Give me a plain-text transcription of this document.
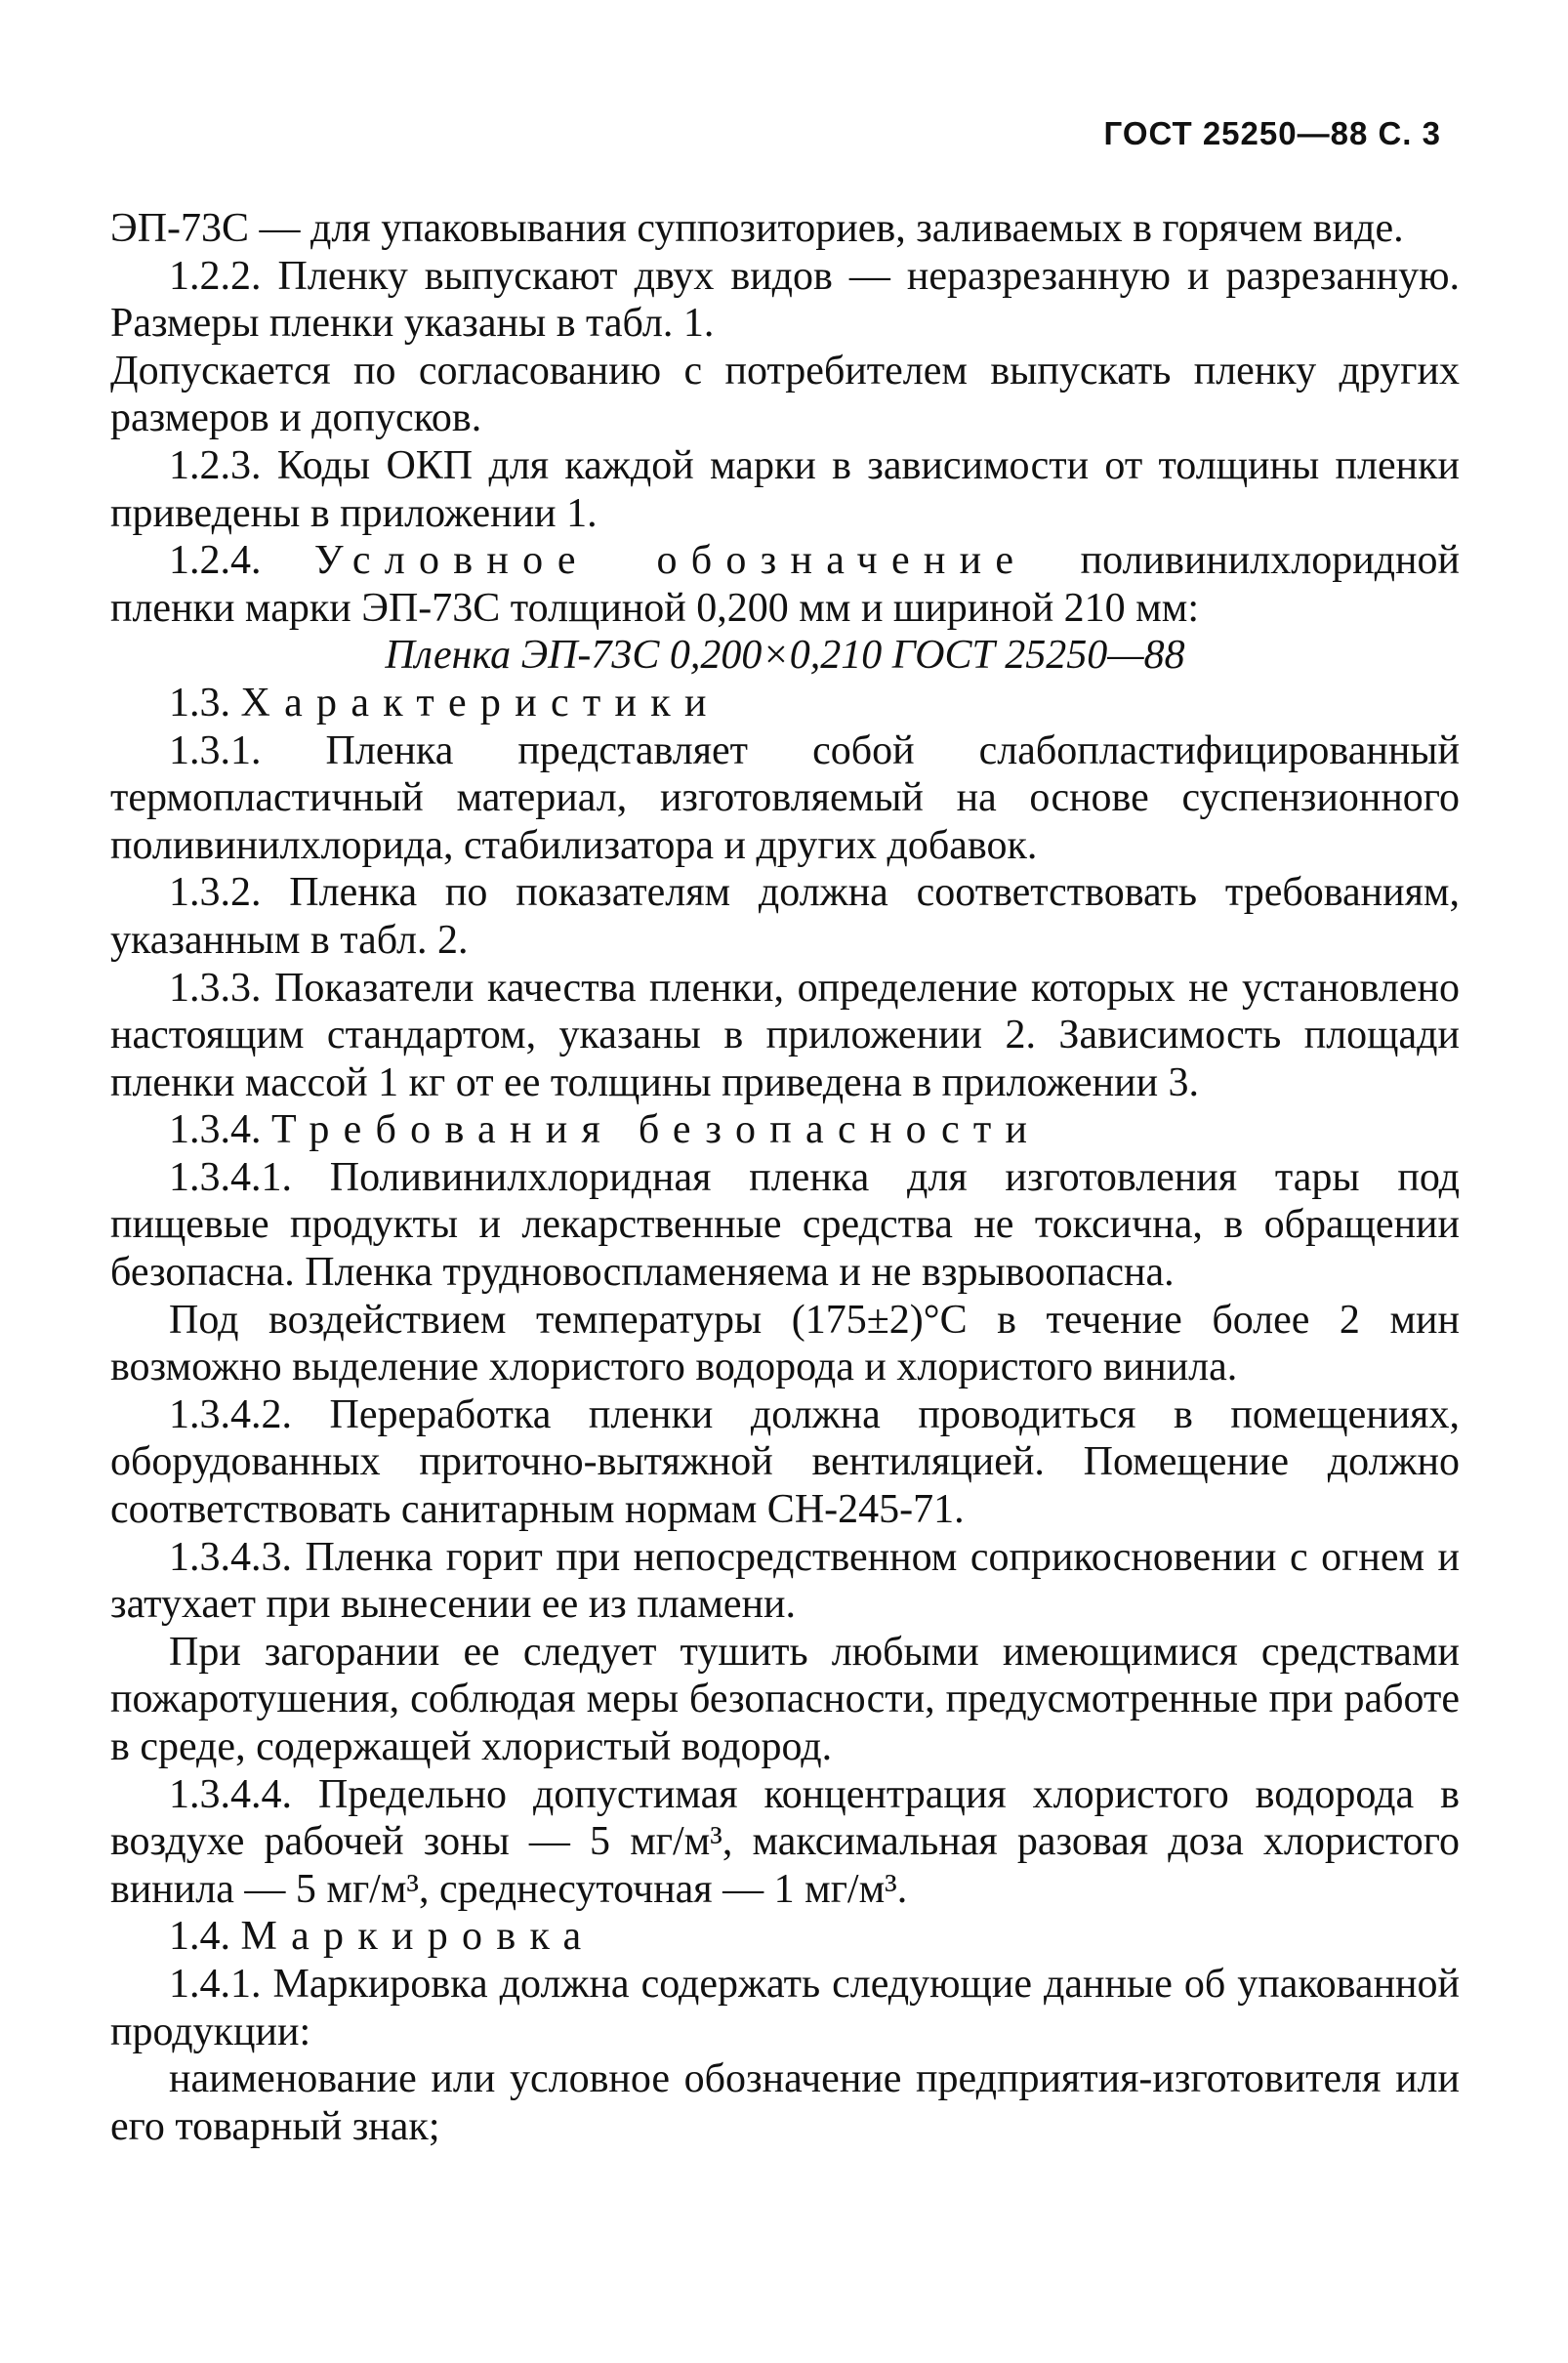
ГОСТ 25250—88 С. 3

ЭП-73С — для упаковывания суппозиториев, заливаемых в горячем виде.

1.2.2. Пленку выпускают двух видов — неразрезанную и разрезанную. Размеры пленки указаны в табл. 1.

Допускается по согласованию с потребителем выпускать пленку других размеров и допусков.

1.2.3. Коды ОКП для каждой марки в зависимости от толщины пленки приведены в приложении 1.

1.2.4. Условное обозначение поливинилхлоридной пленки марки ЭП-73С толщиной 0,200 мм и шириной 210 мм:

Пленка ЭП-73С 0,200×0,210 ГОСТ 25250—88

1.3. Характеристики

1.3.1. Пленка представляет собой слабопластифицированный термопластичный материал, изготовляемый на основе суспензионного поливинилхлорида, стабилизатора и других добавок.

1.3.2. Пленка по показателям должна соответствовать требованиям, указанным в табл. 2.

1.3.3. Показатели качества пленки, определение которых не установлено настоящим стандартом, указаны в приложении 2. Зависимость площади пленки массой 1 кг от ее толщины приведена в приложении 3.

1.3.4. Требования безопасности

1.3.4.1. Поливинилхлоридная пленка для изготовления тары под пищевые продукты и лекарственные средства не токсична, в обращении безопасна. Пленка трудновоспламеняема и не взрывоопасна.

Под воздействием температуры (175±2)°С в течение более 2 мин возможно выделение хлористого водорода и хлористого винила.

1.3.4.2. Переработка пленки должна проводиться в помещениях, оборудованных приточно-вытяжной вентиляцией. Помещение должно соответствовать санитарным нормам СН-245-71.

1.3.4.3. Пленка горит при непосредственном соприкосновении с огнем и затухает при вынесении ее из пламени.

При загорании ее следует тушить любыми имеющимися средствами пожаротушения, соблюдая меры безопасности, предусмотренные при работе в среде, содержащей хлористый водород.

1.3.4.4. Предельно допустимая концентрация хлористого водорода в воздухе рабочей зоны — 5 мг/м³, максимальная разовая доза хлористого винила — 5 мг/м³, среднесуточная — 1 мг/м³.

1.4. Маркировка

1.4.1. Маркировка должна содержать следующие данные об упакованной продукции:

наименование или условное обозначение предприятия-изготовителя или его товарный знак;
